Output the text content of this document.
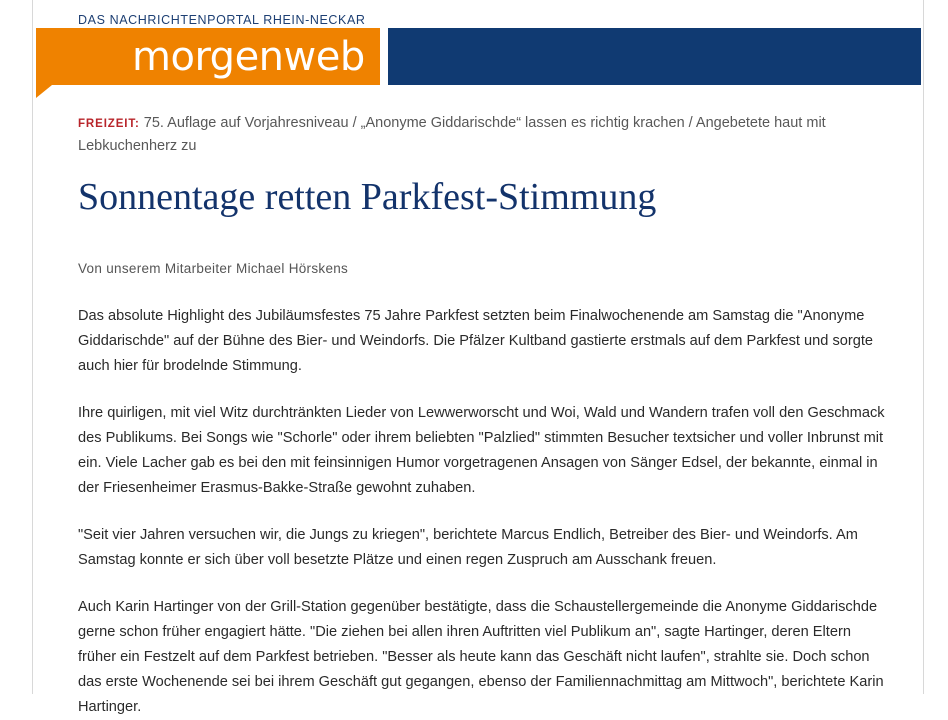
DAS NACHRICHTENPORTAL RHEIN-NECKAR
morgenweb
FREIZEIT: 75. Auflage auf Vorjahresniveau / „Anonyme Giddarischde“ lassen es richtig krachen / Angebetete haut mit Lebkuchenherz zu
Sonnentage retten Parkfest-Stimmung
Von unserem Mitarbeiter Michael Hörskens

Das absolute Highlight des Jubiläumsfestes 75 Jahre Parkfest setzten beim Finalwochenende am Samstag die "Anonyme Giddarischde" auf der Bühne des Bier- und Weindorfs. Die Pfälzer Kultband gastierte erstmals auf dem Parkfest und sorgte auch hier für brodelnde Stimmung.

Ihre quirligen, mit viel Witz durchtränkten Lieder von Lewwerworscht und Woi, Wald und Wandern trafen voll den Geschmack des Publikums. Bei Songs wie "Schorle" oder ihrem beliebten "Palzlied" stimmten Besucher textsicher und voller Inbrunst mit ein. Viele Lacher gab es bei den mit feinsinnigen Humor vorgetragenen Ansagen von Sänger Edsel, der bekannte, einmal in der Friesenheimer Erasmus-Bakke-Straße gewohnt zuhaben.

"Seit vier Jahren versuchen wir, die Jungs zu kriegen", berichtete Marcus Endlich, Betreiber des Bier- und Weindorfs. Am Samstag konnte er sich über voll besetzte Plätze und einen regen Zuspruch am Ausschank freuen.

Auch Karin Hartinger von der Grill-Station gegenüber bestätigte, dass die Schaustellergemeinde die Anonyme Giddarischde gerne schon früher engagiert hätte. "Die ziehen bei allen ihren Auftritten viel Publikum an", sagte Hartinger, deren Eltern früher ein Festzelt auf dem Parkfest betrieben. "Besser als heute kann das Geschäft nicht laufen", strahlte sie. Doch schon das erste Wochenende sei bei ihrem Geschäft gut gegangen, ebenso der Familiennachmittag am Mittwoch", berichtete Karin Hartinger.
